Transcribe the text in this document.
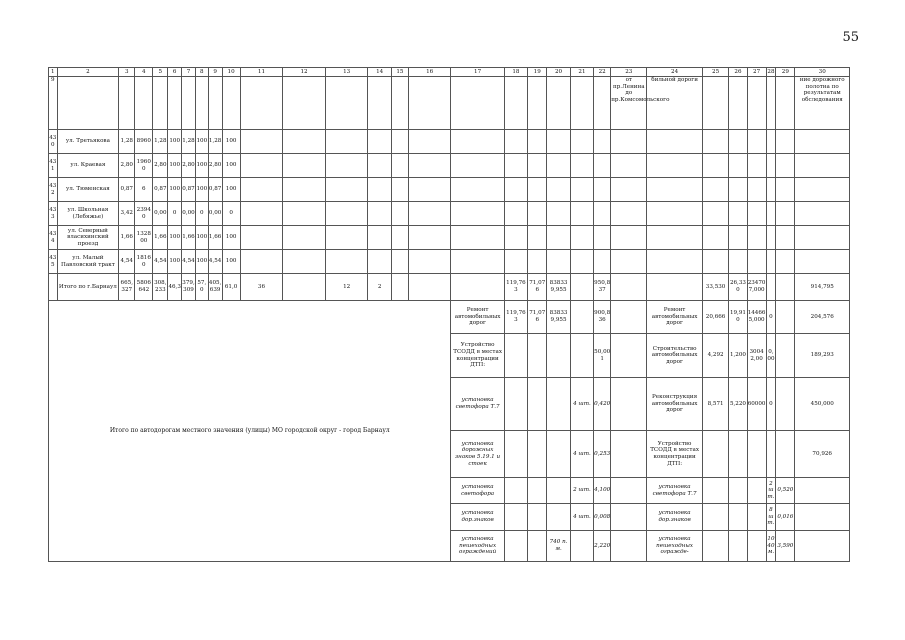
55
1	2	3	4	5	6	7	8	9	10	11	12	13	14	15	16	17	18	19	20	21	22	23	24	25	26	27	28	29	30
9																						от пр.Ленина до пр.Комсомольского	бильной дороги						ние дорожного полотна по результатам обследования
430	ул. Третьякова	1,28	8960	1,28	100	1,28	100	1,28	100																				
431	ул. Краевая	2,80	19600	2,80	100	2,80	100	2,80	100																				
432	ул. Тюменская	0,87	6	0,87	100	0,87	100	0,87	100																				
433	ул. Школьная (Лебяжье)	3,42	23940	0,00	0	0,00	0	0,00	0																				
434	ул. Северный власихинский проезд	1,66	132800	1,66	100	1,66	100	1,66	100																				
435	ул. Малый Павловский тракт	4,54	18160	4,54	100	4,54	100	4,54	100																				
	Итого по г.Барнаул	665,327	5806642	308,233	46,3	379,309	57,0	405,639	61,0	36		12	2				119,763	71,076	838339,955		950,837			33,530	26,330	234707,000			914,795
Итого по автодорогам местного значения (улицы) МО городской округ - город Барнаул																Ремонт автомобильных дорог	119,763	71,076	838339,955		900,836		Ремонт автомобильных дорог	20,666	19,910	144665,000	0		204,576
																Устройство ТСОДД в местах концентрации ДТП:					50,001		Строительство автомобильных дорог	4,292	1,200	30042,00	0,00		189,293
																установка светофора Т.7				4 шт.	0,420		Реконструкция автомобильных дорог	8,571	5,220	60000	0		450,000
																установка дорожных знаков 5.19.1 и стоек				4 шт.	0,253		Устройство ТСОДД в местах концентрации ДТП:						70,926
																установка светофора				2 шт.	4,100		установка светофора Т.7				2 шт.	0,520	
																установка дор.знаков				4 шт.	0,008		установка дор.знаков				8 шт.	0,016	
																установка пешеходных ограждений			740 п.м.		2,220		установка пешеходных огражде-				1040 м.	3,590	
